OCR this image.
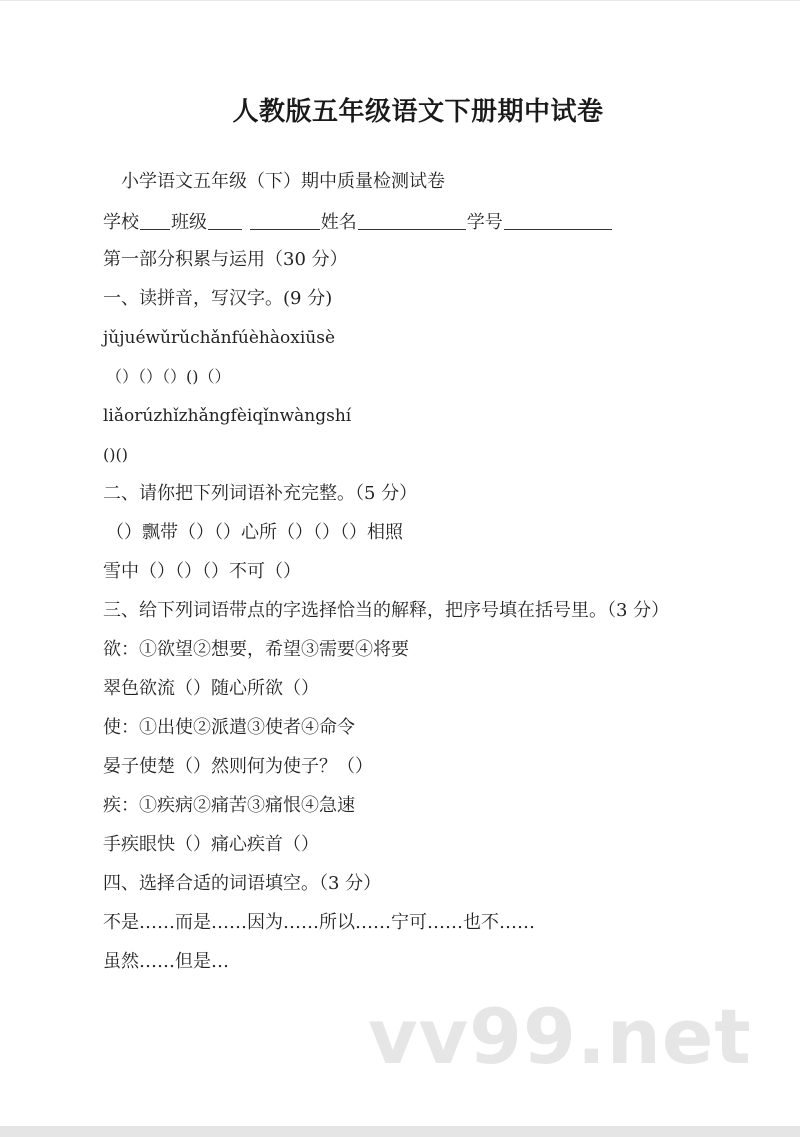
人教版五年级语文下册期中试卷
小学语文五年级（下）期中质量检测试卷
学校 班级	姓名	学号
第一部分积累与运用（30 分）
一、读拼音，写汉字。(9 分)
jǔjuéwǔrǔchǎnfúèhàoxiūsè
（）（）（）()（）
liǎorúzhǐzhǎngfèiqǐnwàngshí
()()
二、请你把下列词语补充完整。（5 分）
（）飘带（）（）心所（）（）（）相照
雪中（）（）（）不可（）
三、给下列词语带点的字选择恰当的解释，把序号填在括号里。（3 分）
欲：①欲望②想要，希望③需要④将要
翠色欲流（）随心所欲（）
使：①出使②派遣③使者④命令
晏子使楚（）然则何为使子？（）
疾：①疾病②痛苦③痛恨④急速
手疾眼快（）痛心疾首（）
四、选择合适的词语填空。（3 分）
不是……而是……因为……所以……宁可……也不……
虽然……但是…
vv99.net
